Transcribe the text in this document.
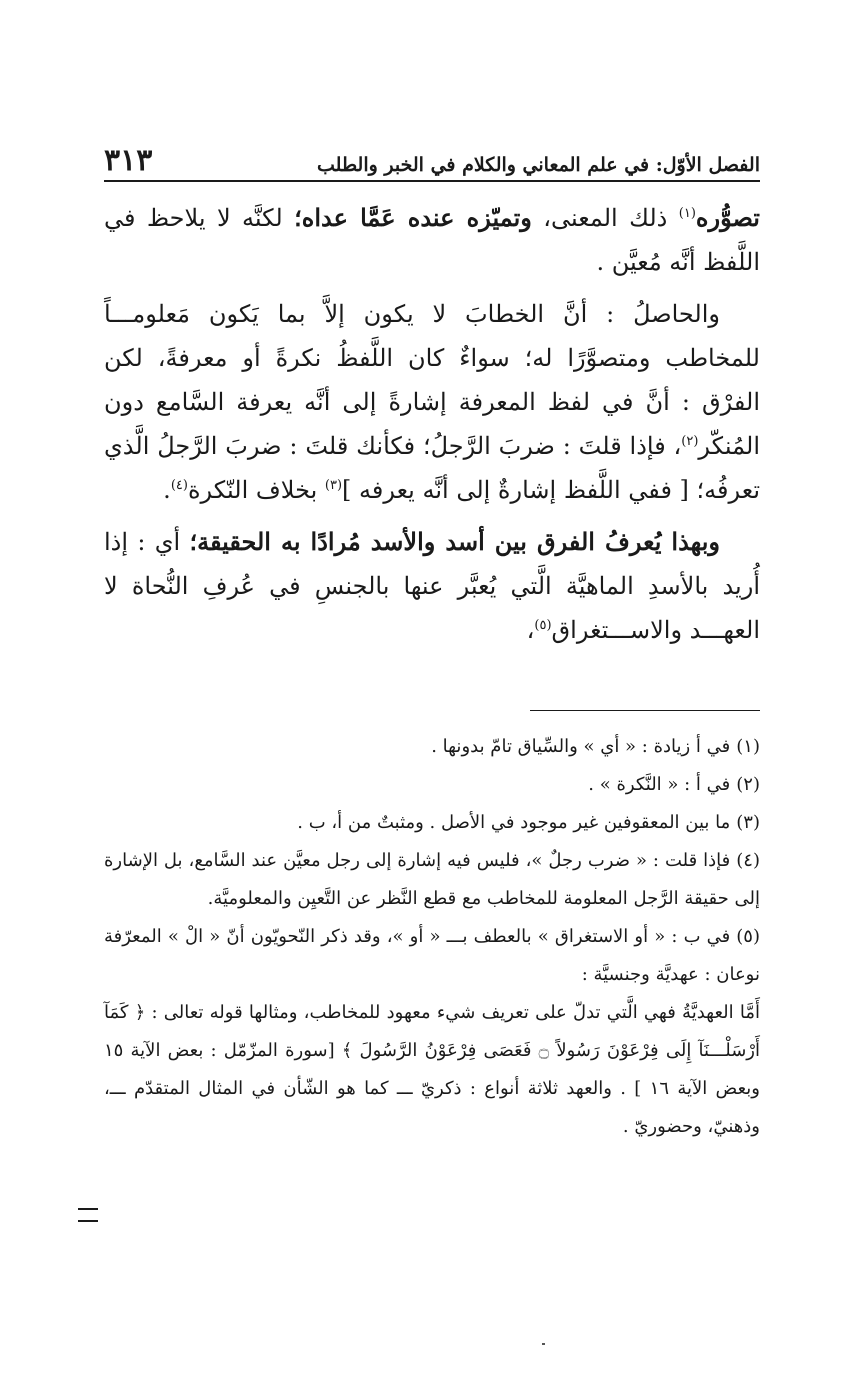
الفصل الأوّل: في علم المعاني والكلام في الخبر والطلب
٣١٣

تصوُّره$^{(١)}$ ذلك المعنى، وتميّزه عنده عَمَّا عداه؛ لكنَّه لا يلاحظ في اللَّفظ أنَّه مُعيَّن .

والحاصلُ : أنَّ الخطابَ لا يكون إلاَّ بما يَكون مَعلومـــاً للمخاطب ومتصوَّرًا له؛ سواءٌ كان اللَّفظُ نكرةً أو معرفةً، لكن الفرْق : أنَّ في لفظ المعرفة إشارةً إلى أنَّه يعرفة السَّامع دون المُنكّر$^{(٢)}$، فإذا قلتَ : ضربَ الرَّجلُ؛ فكأنك قلتَ : ضربَ الرَّجلُ الَّذي تعرفُه؛ [ ففي اللَّفظ إشارةٌ إلى أنَّه يعرفه ]$^{(٣)}$ بخلاف النّكرة$^{(٤)}$.

وبهذا يُعرفُ الفرق بين أسد والأسد مُرادًا به الحقيقة؛ أي : إذا أُريد بالأسدِ الماهيَّة الَّتي يُعبَّر عنها بالجنسِ في عُرفِ النُّحاة لا العهـــد والاســـتغراق$^{(٥)}$،

(١)في أ زيادة : « أي » والسِّياق تامّ بدونها .

(٢)في أ : « النَّكرة » .

(٣)ما بين المعقوفين غير موجود في الأصل . ومثبتٌ من أ، ب .

(٤)فإذا قلت : « ضرب رجلٌ »، فليس فيه إشارة إلى رجل معيَّن عند السَّامع، بل الإشارة إلى حقيقة الرَّجل المعلومة للمخاطب مع قطع النَّظر عن التَّعيِن والمعلوميَّة.

(٥)في ب : « أو الاستغراق » بالعطف بـــ « أو »، وقد ذكر النّحويّون أنّ « الْ » المعرّفة نوعان : عهديَّة وجنسيَّة :

أَمَّا العهديَّةُ فهي الَّتي تدلّ على تعريف شيء معهود للمخاطب، ومثالها قوله تعالى : ﴿ كَمَآ أَرْسَلْـــنَآ إِلَى فِرْعَوْنَ رَسُولاً ۝ فَعَصَى فِرْعَوْنُ الرَّسُولَ ﴾ [سورة المزّمّل : بعض الآية ١٥ وبعض الآية ١٦ ] . والعهد ثلاثة أنواع : ذكريّ ـــ كما هو الشّأن في المثال المتقدّم ـــ، وذهنيّ، وحضوريّ .
